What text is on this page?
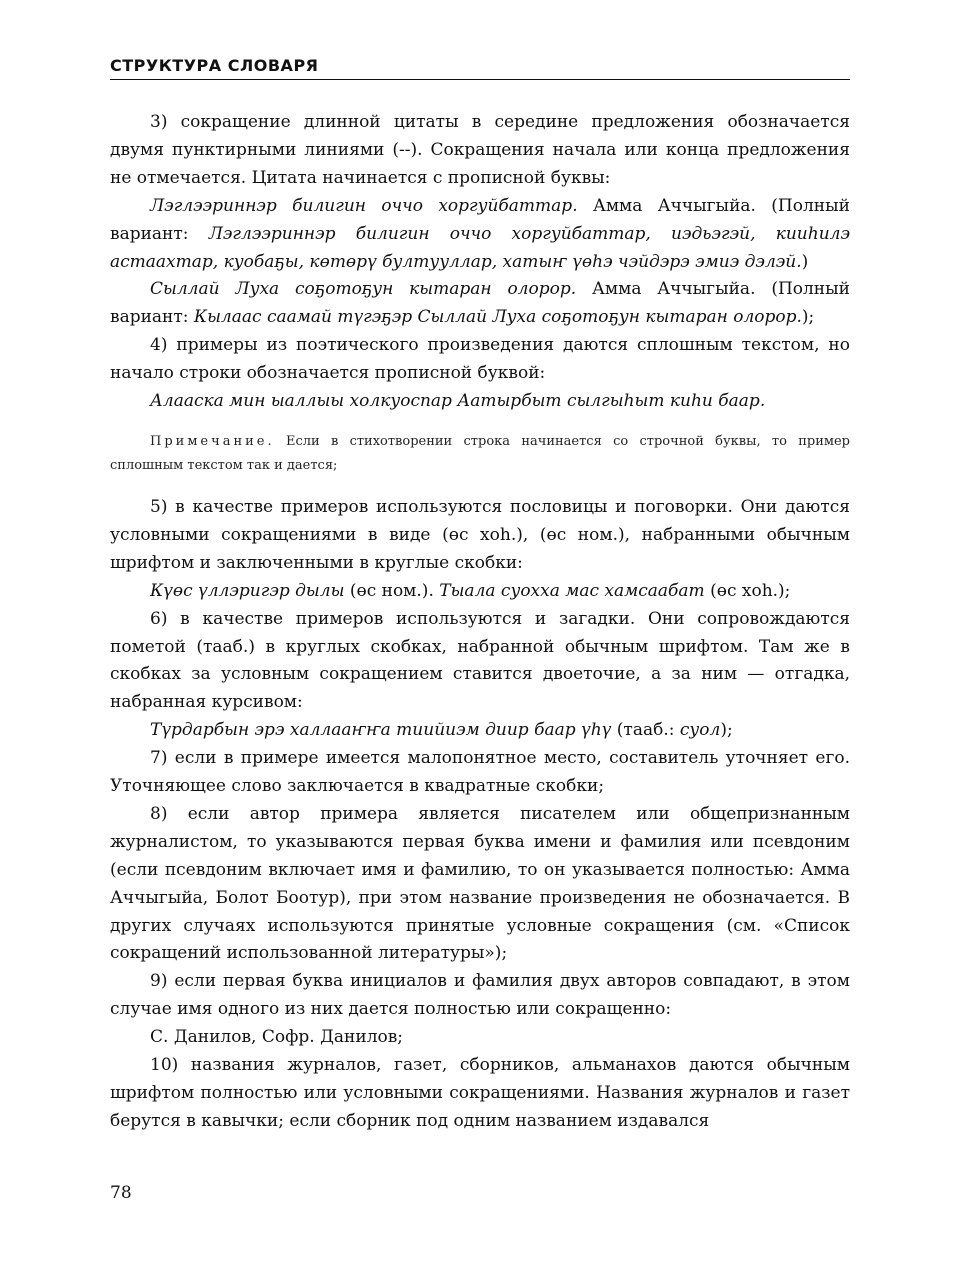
СТРУКТУРА СЛОВАРЯ

3) сокращение длинной цитаты в середине предложения обозначается двумя пунктирными линиями (--). Сокращения начала или конца предложения не отмечается. Цитата начинается с прописной буквы:

Лэглээриннэр билигин оччо хоргуйбаттар. Амма Аччыгыйа. (Полный вариант: Лэглээриннэр билигин оччо хоргуйбаттар, иэдьэгэй, кииhилэ астаахтар, куобаҕы, көтөрү бултууллар, хатыҥ үөhэ чэйдэрэ эмиэ дэлэй.)

Сыллай Луха соҕотоҕун кытаран олорор. Амма Аччыгыйа. (Полный вариант: Кылаас саамай түгэҕэр Сыллай Луха соҕотоҕун кытаран олорор.);

4) примеры из поэтического произведения даются сплошным текстом, но начало строки обозначается прописной буквой:

Алааска мин ыаллыы холкуоспар Аатырбыт сылгыhыт киhи баар.

Примечание. Если в стихотворении строка начинается со строчной буквы, то пример сплошным текстом так и дается;

5) в качестве примеров используются пословицы и поговорки. Они даются условными сокращениями в виде (өс хоh.), (өс ном.), набранными обычным шрифтом и заключенными в круглые скобки:

Күөс үллэригэр дылы (өс ном.). Тыала суохха мас хамсаабат (өс хоh.);

6) в качестве примеров используются и загадки. Они сопровождаются пометой (тааб.) в круглых скобках, набранной обычным шрифтом. Там же в скобках за условным сокращением ставится двоеточие, а за ним — отгадка, набранная курсивом:

Түрдарбын эрэ халлааҥҥа тиийиэм диир баар үhү (тааб.: суол);

7) если в примере имеется малопонятное место, составитель уточняет его. Уточняющее слово заключается в квадратные скобки;

8) если автор примера является писателем или общепризнанным журналистом, то указываются первая буква имени и фамилия или псевдоним (если псевдоним включает имя и фамилию, то он указывается полностью: Амма Аччыгыйа, Болот Боотур), при этом название произведения не обозначается. В других случаях используются принятые условные сокращения (см. «Список сокращений использованной литературы»);

9) если первая буква инициалов и фамилия двух авторов совпадают, в этом случае имя одного из них дается полностью или сокращенно:

С. Данилов, Софр. Данилов;

10) названия журналов, газет, сборников, альманахов даются обычным шрифтом полностью или условными сокращениями. Названия журналов и газет берутся в кавычки; если сборник под одним названием издавался

78
